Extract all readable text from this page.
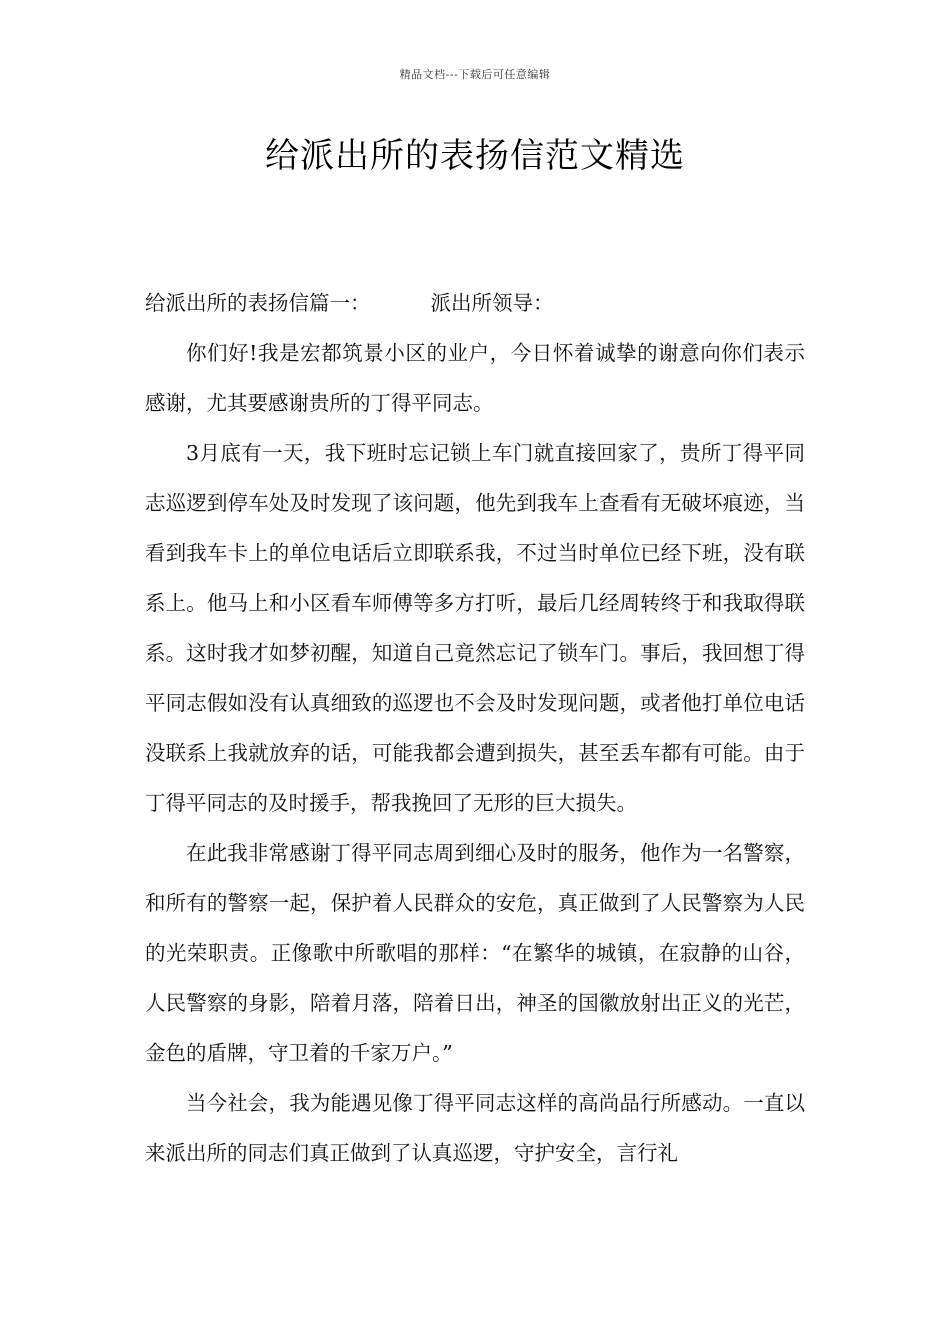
精品文档---下载后可任意编辑
给派出所的表扬信范文精选

给派出所的表扬信篇一：	派出所领导：

你们好!我是宏都筑景小区的业户，今日怀着诚挚的谢意向你们表示感谢，尤其要感谢贵所的丁得平同志。

3月底有一天，我下班时忘记锁上车门就直接回家了，贵所丁得平同志巡逻到停车处及时发现了该问题，他先到我车上查看有无破坏痕迹，当看到我车卡上的单位电话后立即联系我，不过当时单位已经下班，没有联系上。他马上和小区看车师傅等多方打听，最后几经周转终于和我取得联系。这时我才如梦初醒，知道自己竟然忘记了锁车门。事后，我回想丁得平同志假如没有认真细致的巡逻也不会及时发现问题，或者他打单位电话没联系上我就放弃的话，可能我都会遭到损失，甚至丢车都有可能。由于丁得平同志的及时援手，帮我挽回了无形的巨大损失。

在此我非常感谢丁得平同志周到细心及时的服务，他作为一名警察，和所有的警察一起，保护着人民群众的安危，真正做到了人民警察为人民的光荣职责。正像歌中所歌唱的那样：“在繁华的城镇，在寂静的山谷，人民警察的身影，陪着月落，陪着日出，神圣的国徽放射出正义的光芒，金色的盾牌，守卫着的千家万户。”

当今社会，我为能遇见像丁得平同志这样的高尚品行所感动。一直以来派出所的同志们真正做到了认真巡逻，守护安全，言行礼
